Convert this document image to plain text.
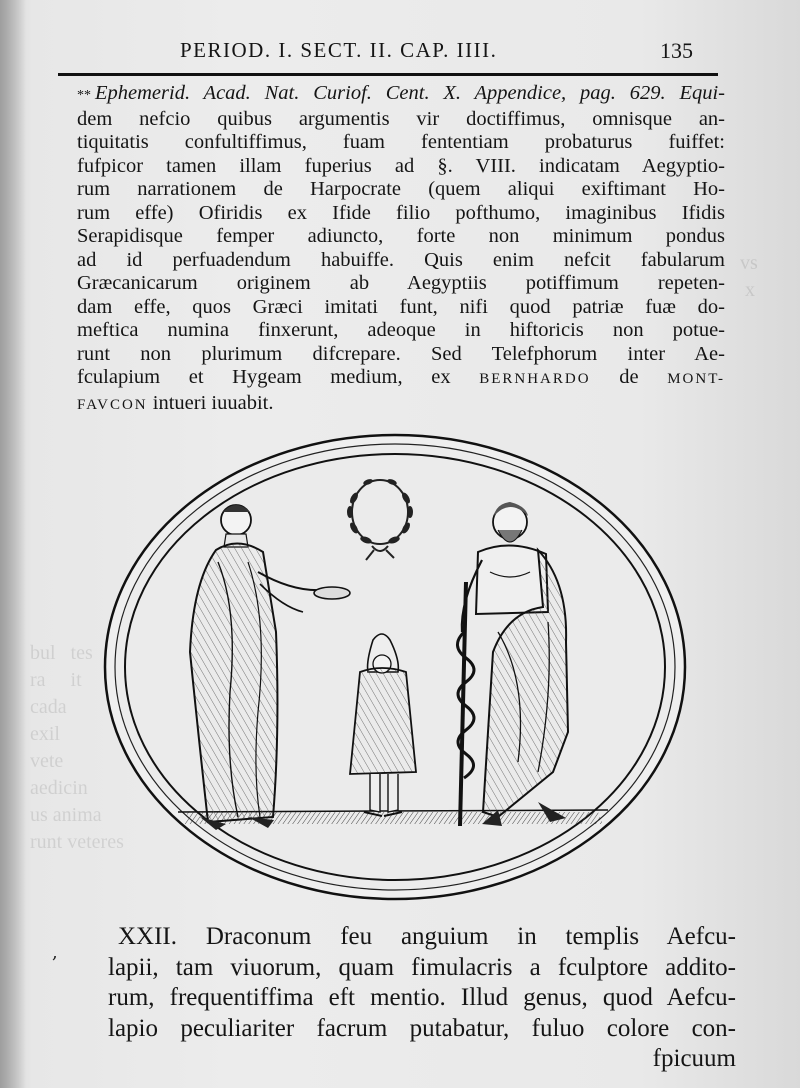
vs
x
bul   tes
ra     it
cada
exil
vete
aedicin
us anima
runt veteres
PERIOD. I. SECT. II. CAP. IIII.	135
** Ephemerid. Acad. Nat. Curiof. Cent. X. Appendice, pag. 629. Equi-
dem nefcio quibus argumentis vir doctiffimus, omnisque an-
tiquitatis confultiffimus, fuam fententiam probaturus fuiffet:
fufpicor tamen illam fuperius ad §. VIII. indicatam Aegyptio-
rum narrationem de Harpocrate (quem aliqui exiftimant Ho-
rum effe) Ofiridis ex Ifide filio pofthumo, imaginibus Ifidis
Serapidisque femper adiuncto, forte non minimum pondus
ad id perfuadendum habuiffe. Quis enim nefcit fabularum
Græcanicarum originem ab Aegyptiis potiffimum repeten-
dam effe, quos Græci imitati funt, nifi quod patriæ fuæ do-
meftica numina finxerunt, adeoque in hiftoricis non potue-
runt non plurimum difcrepare. Sed Telefphorum inter Ae-
fculapium et Hygeam medium, ex BERNHARDO de MONT-
FAVCON intueri iuuabit.
,
XXII. Draconum feu anguium in templis Aefcu-
lapii, tam viuorum, quam fimulacris a fculptore addito-
rum, frequentiffima eft mentio. Illud genus, quod Aefcu-
lapio peculiariter facrum putabatur, fuluo colore con-
fpicuum
